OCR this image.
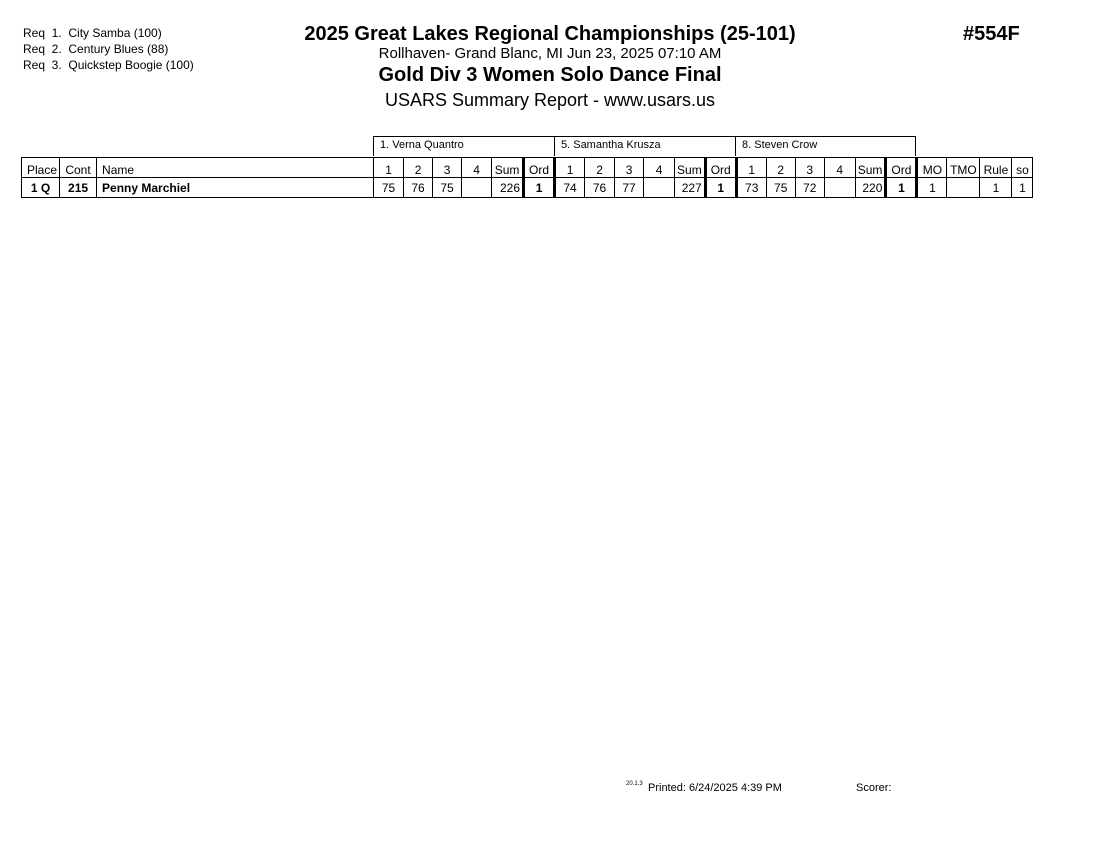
Req  1.  City Samba (100)
Req  2.  Century Blues (88)
Req  3.  Quickstep Boogie (100)
2025 Great Lakes Regional Championships (25-101)
Rollhaven- Grand Blanc, MI Jun 23, 2025 07:10 AM
Gold Div 3 Women Solo Dance Final
USARS Summary Report - www.usars.us
#554F
1. Verna Quantro	5. Samantha Krusza	8. Steven Crow
Place	Cont	Name	1	2	3	4	Sum	Ord	1	2	3	4	Sum	Ord	1	2	3	4	Sum	Ord	MO	TMO	Rule	so
1 Q	215	Penny Marchiel	75	76	75		226	1	74	76	77		227	1	73	75	72		220	1	1		1	1
20.1.3 Printed: 6/24/2025 4:39 PM	Scorer:
